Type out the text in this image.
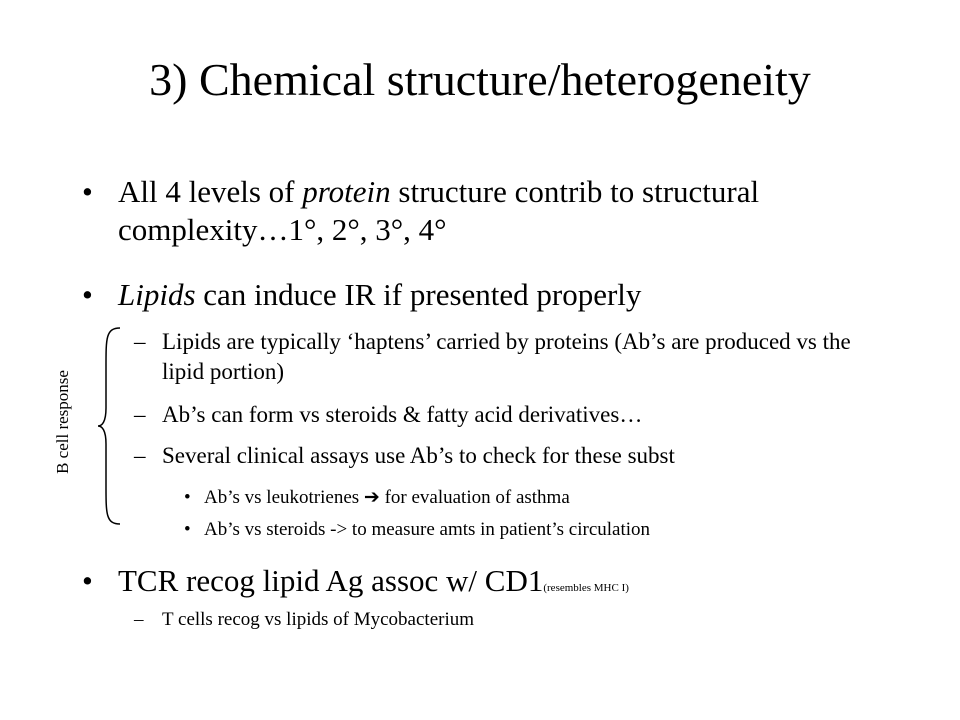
3) Chemical structure/heterogeneity
• All 4 levels of protein structure contrib to structural complexity…1°, 2°, 3°, 4°
• Lipids can induce IR if presented properly
– Lipids are typically ‘haptens’ carried by proteins (Ab’s are produced vs the lipid portion)
– Ab’s can form vs steroids & fatty acid derivatives…
– Several clinical assays use Ab’s to check for these subst
• Ab’s vs leukotrienes ➔ for evaluation of asthma
• Ab’s vs steroids -> to measure amts in patient’s circulation
• TCR recog lipid Ag assoc w/ CD1(resembles MHC I)
– T cells recog vs lipids of Mycobacterium
B cell response
